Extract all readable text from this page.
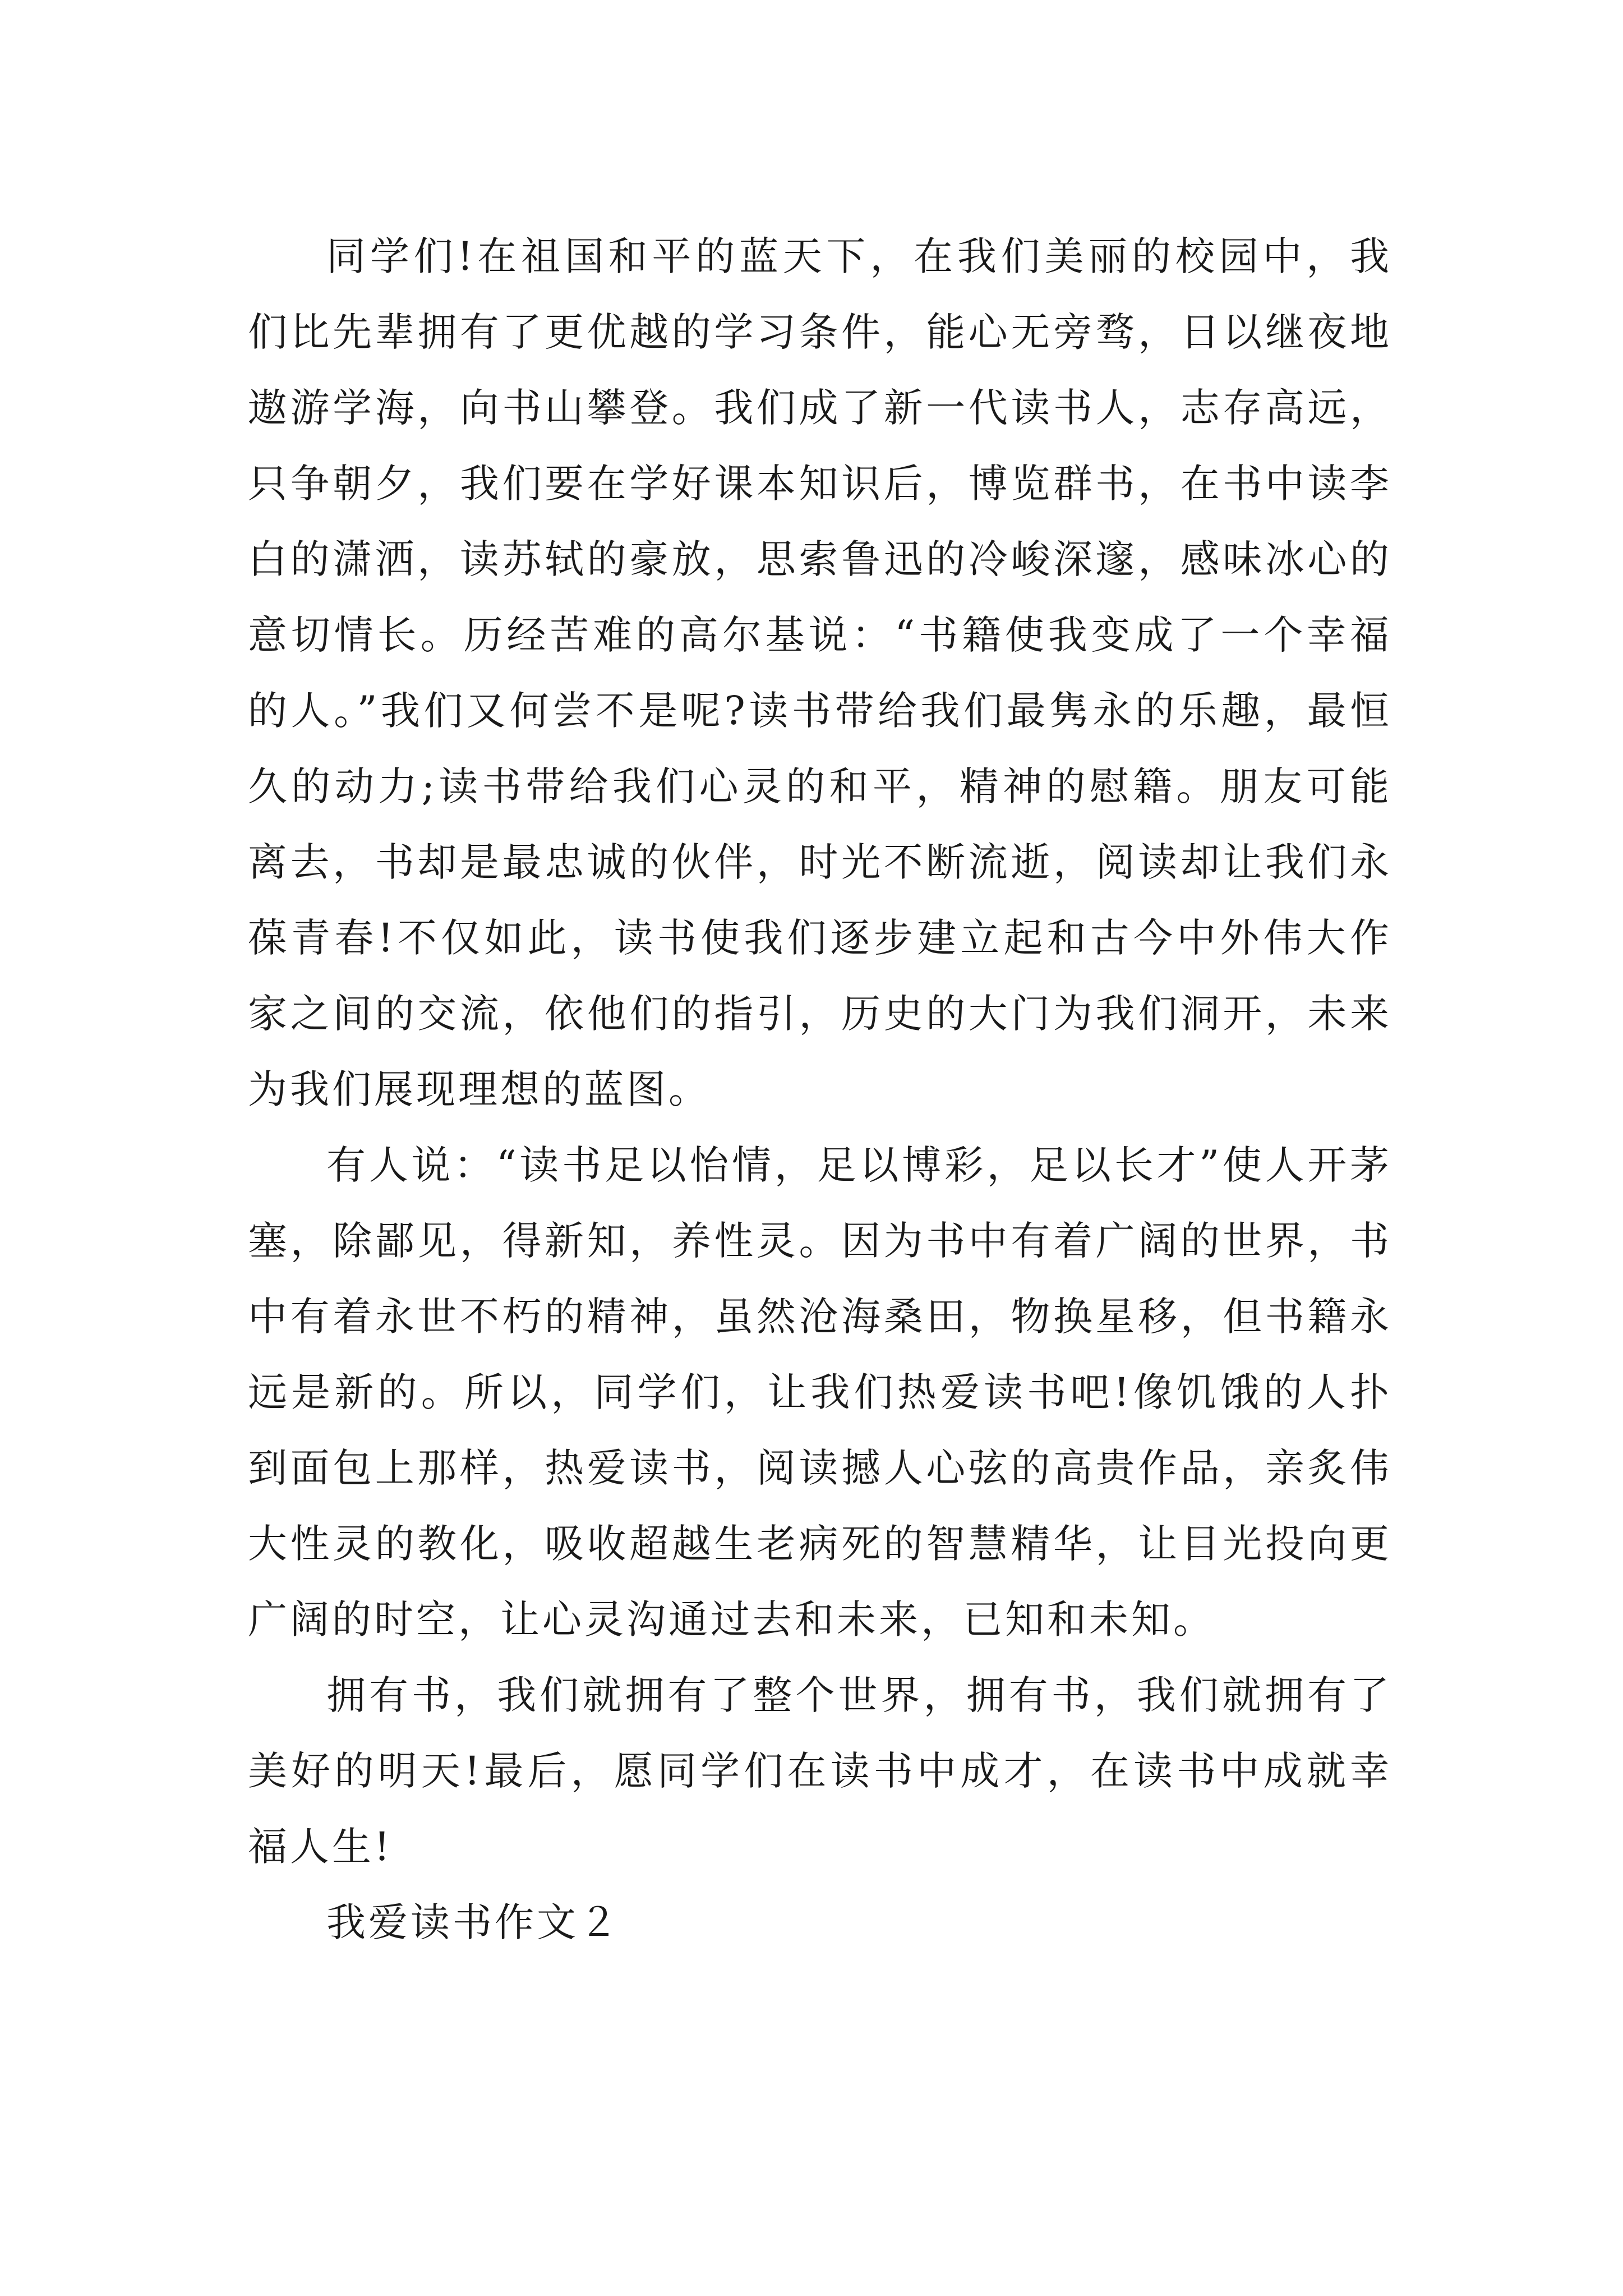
同学们!在祖国和平的蓝天下，在我们美丽的校园中，我们比先辈拥有了更优越的学习条件，能心无旁骛，日以继夜地遨游学海，向书山攀登。我们成了新一代读书人，志存高远，只争朝夕，我们要在学好课本知识后，博览群书，在书中读李白的潇洒，读苏轼的豪放，思索鲁迅的冷峻深邃，感味冰心的意切情长。历经苦难的高尔基说：“书籍使我变成了一个幸福的人。”我们又何尝不是呢?读书带给我们最隽永的乐趣，最恒久的动力;读书带给我们心灵的和平，精神的慰籍。朋友可能离去，书却是最忠诚的伙伴，时光不断流逝，阅读却让我们永葆青春!不仅如此，读书使我们逐步建立起和古今中外伟大作家之间的交流，依他们的指引，历史的大门为我们洞开，未来为我们展现理想的蓝图。

有人说：“读书足以怡情，足以博彩，足以长才”使人开茅塞，除鄙见，得新知，养性灵。因为书中有着广阔的世界，书中有着永世不朽的精神，虽然沧海桑田，物换星移，但书籍永远是新的。所以，同学们，让我们热爱读书吧!像饥饿的人扑到面包上那样，热爱读书，阅读撼人心弦的高贵作品，亲炙伟大性灵的教化，吸收超越生老病死的智慧精华，让目光投向更广阔的时空，让心灵沟通过去和未来，已知和未知。

拥有书，我们就拥有了整个世界，拥有书，我们就拥有了美好的明天!最后，愿同学们在读书中成才，在读书中成就幸福人生!

我爱读书作文２
